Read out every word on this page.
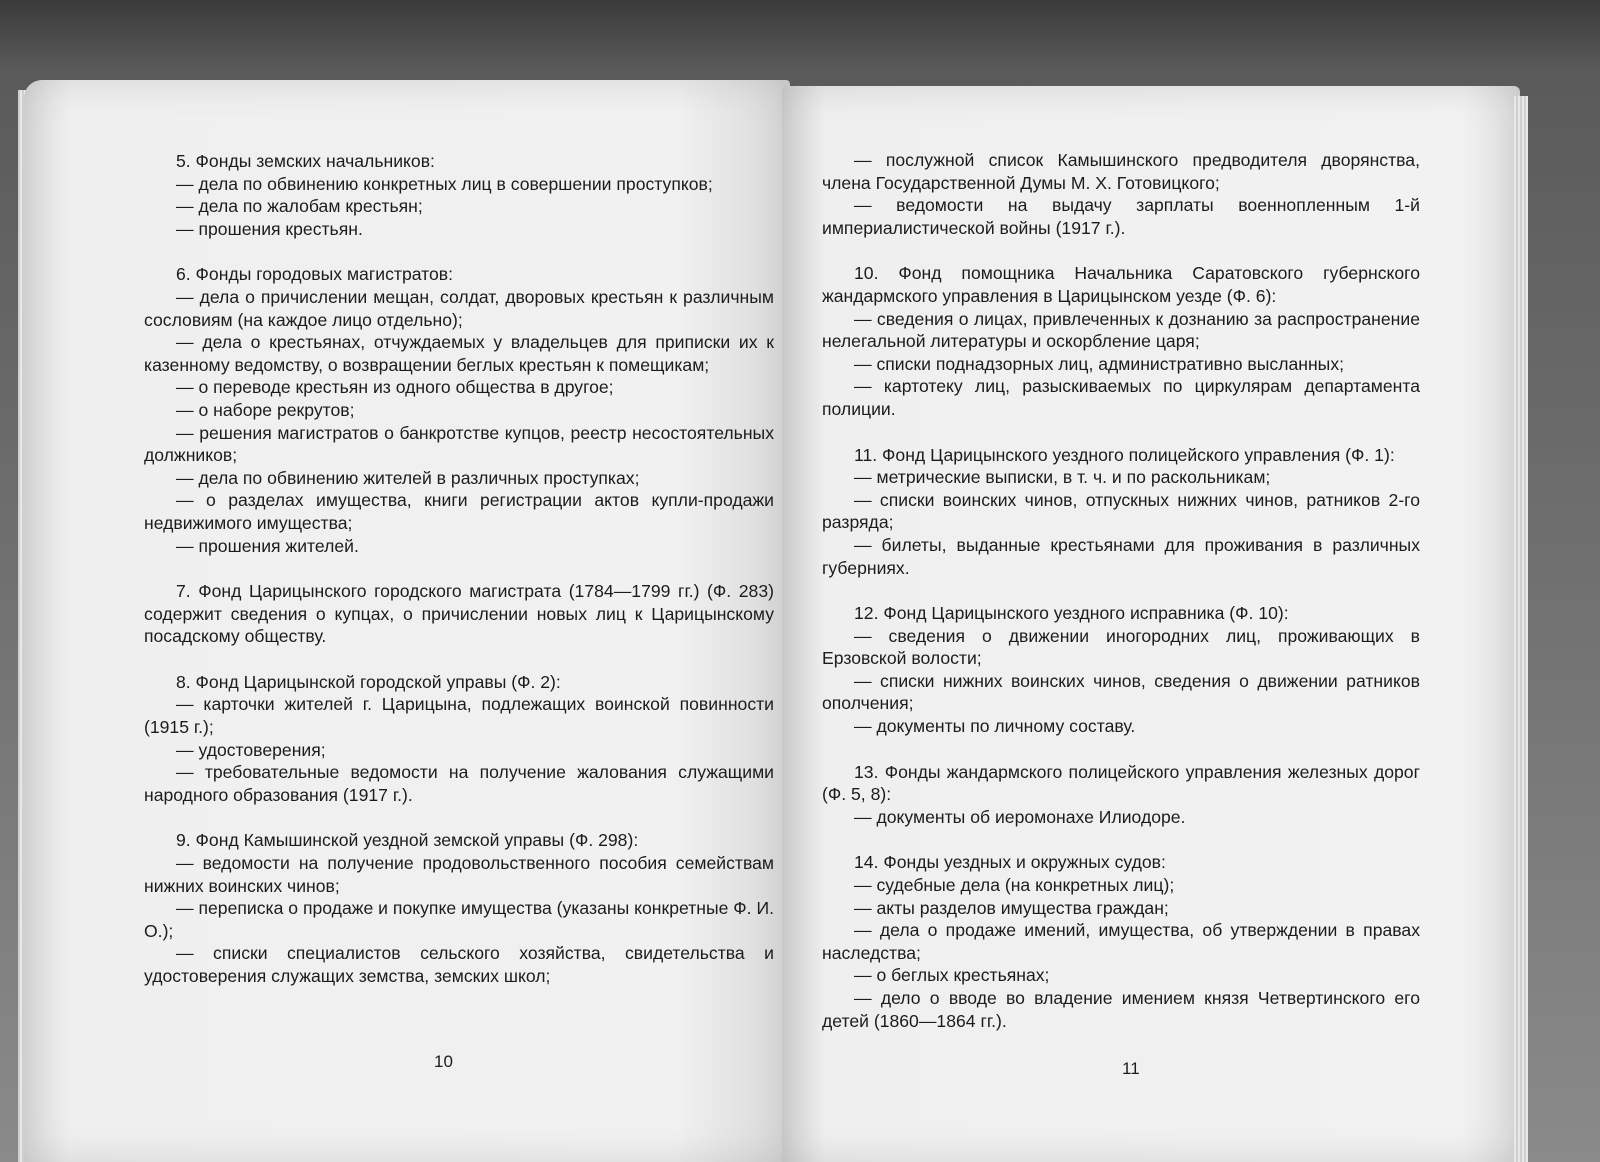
5. Фонды земских начальников:

— дела по обвинению конкретных лиц в совершении проступков;

— дела по жалобам крестьян;

— прошения крестьян.

6. Фонды городовых магистратов:

— дела о причислении мещан, солдат, дворовых крестьян к различным сословиям (на каждое лицо отдельно);

— дела о крестьянах, отчуждаемых у владельцев для приписки их к казенному ведомству, о возвращении беглых крестьян к помещикам;

— о переводе крестьян из одного общества в другое;

— о наборе рекрутов;

— решения магистратов о банкротстве купцов, реестр несостоятельных должников;

— дела по обвинению жителей в различных проступках;

— о разделах имущества, книги регистрации актов купли-продажи недвижимого имущества;

— прошения жителей.

7. Фонд Царицынского городского магистрата (1784—1799 гг.) (Ф. 283) содержит сведения о купцах, о причислении новых лиц к Царицынскому посадскому обществу.

8. Фонд Царицынской городской управы (Ф. 2):

— карточки жителей г. Царицына, подлежащих воинской повинности (1915 г.);

— удостоверения;

— требовательные ведомости на получение жалования служащими народного образования (1917 г.).

9. Фонд Камышинской уездной земской управы (Ф. 298):

— ведомости на получение продовольственного пособия семействам нижних воинских чинов;

— переписка о продаже и покупке имущества (указаны конкретные Ф. И. О.);

— списки специалистов сельского хозяйства, свидетельства и удостоверения служащих земства, земских школ;

10

— послужной список Камышинского предводителя дворянства, члена Государственной Думы М. Х. Готовицкого;

— ведомости на выдачу зарплаты военнопленным 1-й империалистической войны (1917 г.).

10. Фонд помощника Начальника Саратовского губернского жандармского управления в Царицынском уезде (Ф. 6):

— сведения о лицах, привлеченных к дознанию за распространение нелегальной литературы и оскорбление царя;

— списки поднадзорных лиц, административно высланных;

— картотеку лиц, разыскиваемых по циркулярам департамента полиции.

11. Фонд Царицынского уездного полицейского управления (Ф. 1):

— метрические выписки, в т. ч. и по раскольникам;

— списки воинских чинов, отпускных нижних чинов, ратников 2-го разряда;

— билеты, выданные крестьянами для проживания в различных губерниях.

12. Фонд Царицынского уездного исправника (Ф. 10):

— сведения о движении иногородних лиц, проживающих в Ерзовской волости;

— списки нижних воинских чинов, сведения о движении ратников ополчения;

— документы по личному составу.

13. Фонды жандармского полицейского управления железных дорог (Ф. 5, 8):

— документы об иеромонахе Илиодоре.

14. Фонды уездных и окружных судов:

— судебные дела (на конкретных лиц);

— акты разделов имущества граждан;

— дела о продаже имений, имущества, об утверждении в правах наследства;

— о беглых крестьянах;

— дело о вводе во владение имением князя Четвертинского его детей (1860—1864 гг.).

11
